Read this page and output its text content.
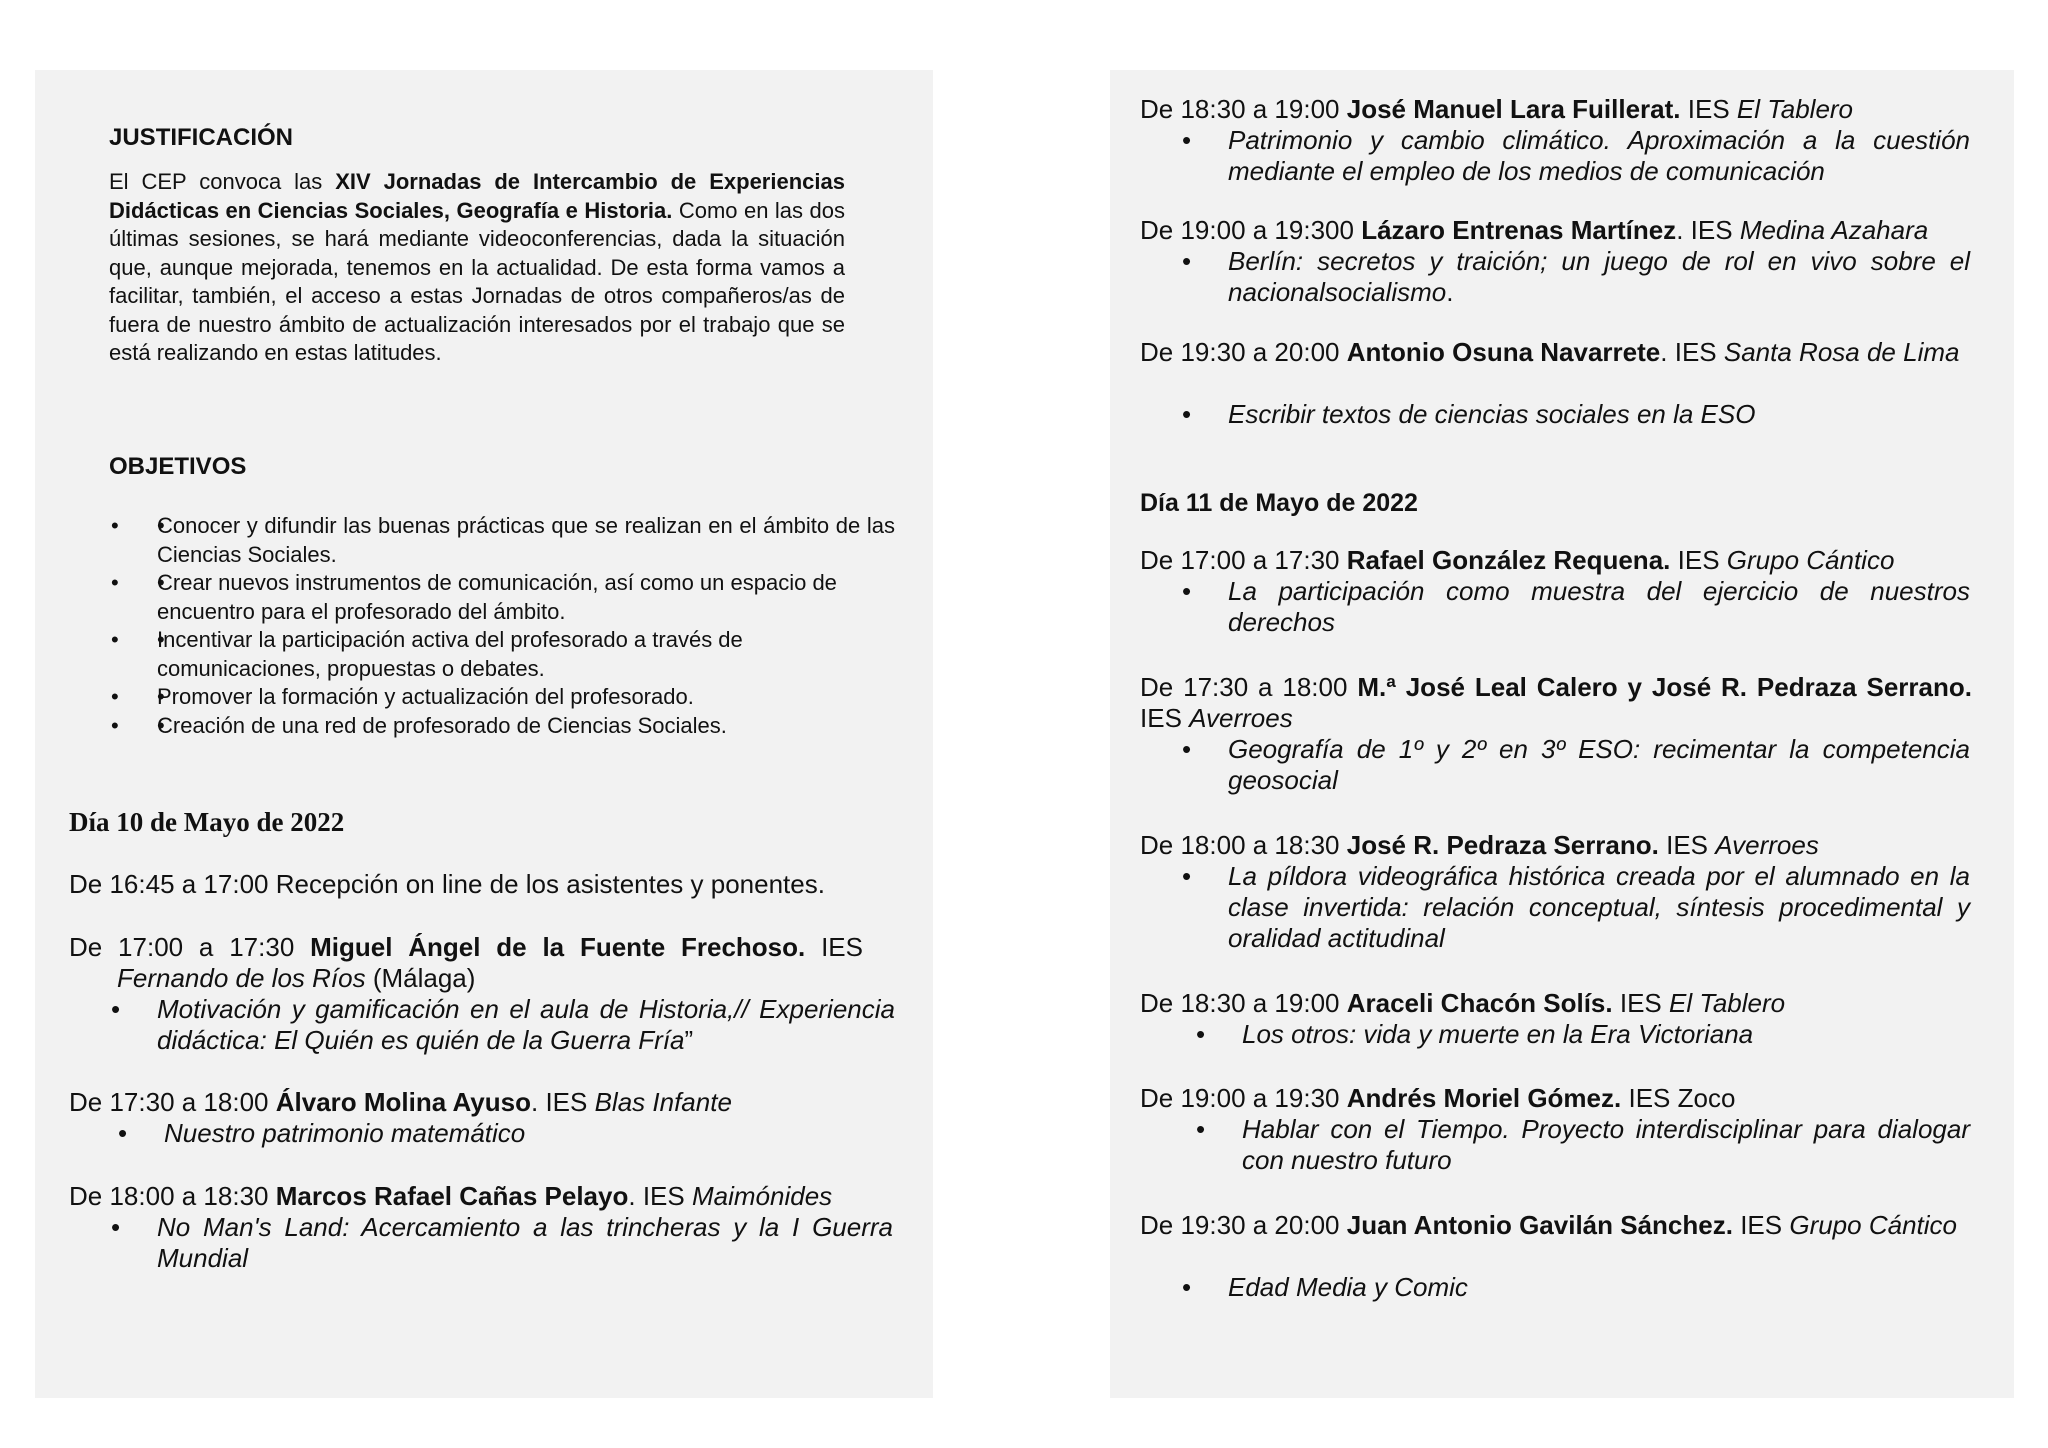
JUSTIFICACIÓN

El CEP convoca las XIV Jornadas de Intercambio de Experiencias Didácticas en Ciencias Sociales, Geografía e Historia. Como en las dos últimas sesiones, se hará mediante videoconferencias, dada la situación que, aunque mejorada, tenemos en la actualidad. De esta forma vamos a facilitar, también, el acceso a estas Jornadas de otros compañeros/as de fuera de nuestro ámbito de actualización interesados por el trabajo que se está realizando en estas latitudes.

OBJETIVOS
• • Conocer y difundir las buenas prácticas que se realizan en el ámbito de las Ciencias Sociales.
• • Crear nuevos instrumentos de comunicación, así como un espacio de encuentro para el profesorado del ámbito.
• • Incentivar la participación activa del profesorado a través de comunicaciones, propuestas o debates.
• • Promover la formación y actualización del profesorado.
• • Creación de una red de profesorado de Ciencias Sociales.
Día 10 de Mayo de 2022
De 16:45 a 17:00 Recepción on line de los asistentes y ponentes.
De 17:00 a 17:30 Miguel Ángel de la Fuente Frechoso. IES
Fernando de los Ríos (Málaga)
• Motivación y gamificación en el aula de Historia,// Experiencia didáctica: El Quién es quién de la Guerra Fría”
De 17:30 a 18:00 Álvaro Molina Ayuso. IES Blas Infante
• Nuestro patrimonio matemático
De 18:00 a 18:30 Marcos Rafael Cañas Pelayo. IES Maimónides
• No Man's Land: Acercamiento a las trincheras y la I Guerra Mundial
De 18:30 a 19:00 José Manuel Lara Fuillerat. IES El Tablero
• Patrimonio y cambio climático. Aproximación a la cuestión mediante el empleo de los medios de comunicación
De 19:00 a 19:300 Lázaro Entrenas Martínez. IES Medina Azahara
• Berlín: secretos y traición; un juego de rol en vivo sobre el nacionalsocialismo.
De 19:30 a 20:00 Antonio Osuna Navarrete. IES Santa Rosa de Lima
• Escribir textos de ciencias sociales en la ESO
Día 11 de Mayo de 2022
De 17:00 a 17:30 Rafael González Requena. IES Grupo Cántico
• La participación como muestra del ejercicio de nuestros derechos
De 17:30 a 18:00 M.ª José Leal Calero y José R. Pedraza Serrano. IES Averroes
• Geografía de 1º y 2º en 3º ESO: recimentar la competencia geosocial
De 18:00 a 18:30 José R. Pedraza Serrano. IES Averroes
• La píldora videográfica histórica creada por el alumnado en la clase invertida: relación conceptual, síntesis procedimental y oralidad actitudinal
De 18:30 a 19:00 Araceli Chacón Solís. IES El Tablero
• Los otros: vida y muerte en la Era Victoriana
De 19:00 a 19:30 Andrés Moriel Gómez. IES Zoco
• Hablar con el Tiempo. Proyecto interdisciplinar para dialogar con nuestro futuro
De 19:30 a 20:00 Juan Antonio Gavilán Sánchez. IES Grupo Cántico
• Edad Media y Comic
